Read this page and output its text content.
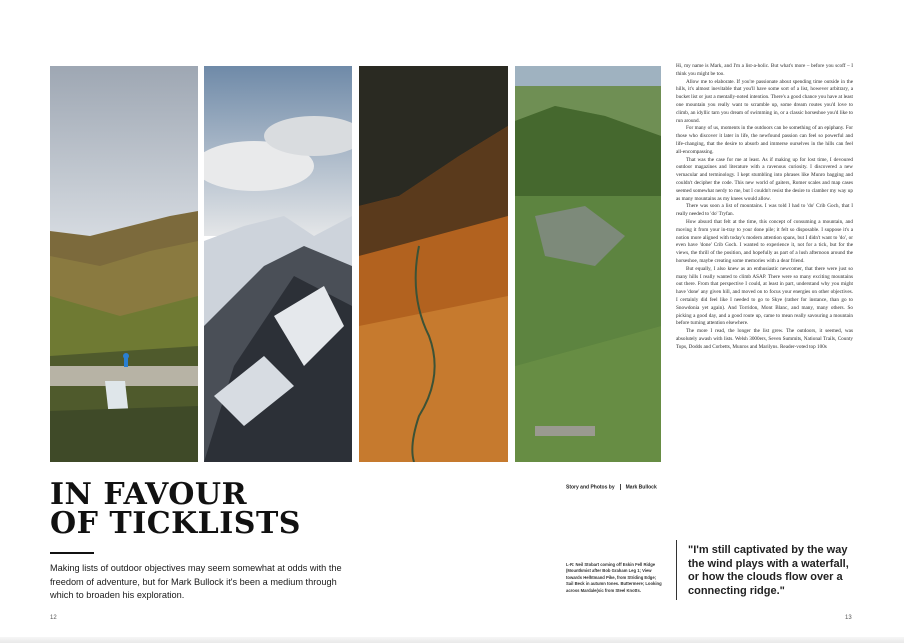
IN FAVOUR
OF TICKLISTS

Making lists of outdoor objectives may seem somewhat at odds with the freedom of adventure, but for Mark Bullock it's been a medium through which to broaden his exploration.

Story and Photos by Mark Bullock

L-R: Neil Stobart coming off Eskin Fell Ridge (Mountkmist after Bob Graham Leg 1; View towards Helhtmand Pike, from Striding Edge; Sail Beck in autumn tones. Buttermere; Looking across Mardale(sic from Steel Knotts.

Hi, my name is Mark, and I'm a list-a-holic. But what's more – before you scoff – I think you might be too.

Allow me to elaborate. If you're passionate about spending time outside in the hills, it's almost inevitable that you'll have some sort of a list, however arbitrary, a bucket list or just a mentally-noted intention. There's a good chance you have at least one mountain you really want to scramble up, some dream routes you'd love to climb, an idyllic tarn you dream of swimming in, or a classic horseshoe you'd like to run around.

For many of us, moments in the outdoors can be something of an epiphany. For those who discover it later in life, the newfound passion can feel so powerful and life-changing, that the desire to absorb and immerse ourselves in the hills can feel all-encompassing.

That was the case for me at least. As if making up for lost time, I devoured outdoor magazines and literature with a ravenous curiosity. I discovered a new vernacular and terminology. I kept stumbling into phrases like Munro bagging and couldn't decipher the code. This new world of gaiters, Romer scales and map cases seemed somewhat nerdy to me, but I couldn't resist the desire to clamber my way up as many mountains as my knees would allow.

There was soon a list of mountains. I was told I had to 'do' Crib Goch, that I really needed to 'do' Tryfan.

How absurd that felt at the time, this concept of consuming a mountain, and moving it from your in-tray to your done pile; it felt so disposable. I suppose it's a notion more aligned with today's modern attention spans, but I didn't want to 'do', or even have 'done' Crib Goch. I wanted to experience it, not for a tick, but for the views, the thrill of the position, and hopefully as part of a lush afternoon around the horseshoe, maybe creating some memories with a dear friend.

But equally, I also knew as an enthusiastic newcomer, that there were just so many hills I really wanted to climb ASAP. There were so many exciting mountains out there. From that perspective I could, at least in part, understand why you might have 'done' any given hill, and moved on to focus your energies on other objectives. I certainly did feel like I needed to go to Skye (rather for instance, than go to Snowdonia yet again). And Torridon, Mont Blanc, and many, many others. So picking a good day, and a good route up, came to mean really savouring a mountain before turning attention elsewhere.

The more I read, the longer the list grew. The outdoors, it seemed, was absolutely awash with lists. Welsh 3000ers, Seven Summits, National Trails, County Tops, Dodds and Corbetts, Munros and Marilyns. Reader-voted top 100s

"I'm still captivated by the way the wind plays with a waterfall, or how the clouds flow over a connecting ridge."

12	13
